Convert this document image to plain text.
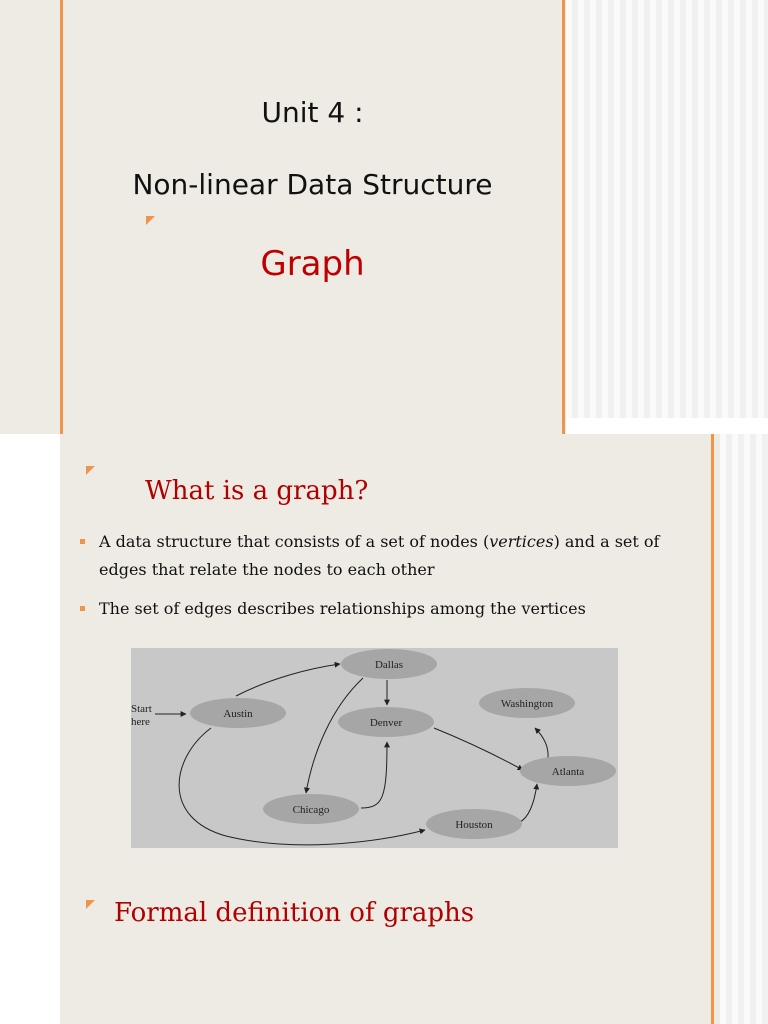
Unit 4 :
Non-linear Data Structure
Graph
What is a graph?
A data structure that consists of a set of nodes (vertices) and a set of edges that relate the nodes to each other
The set of edges describes relationships among the vertices
Start
here
Dallas
Austin
Denver
Washington
Atlanta
Chicago
Houston
Formal definition of graphs
